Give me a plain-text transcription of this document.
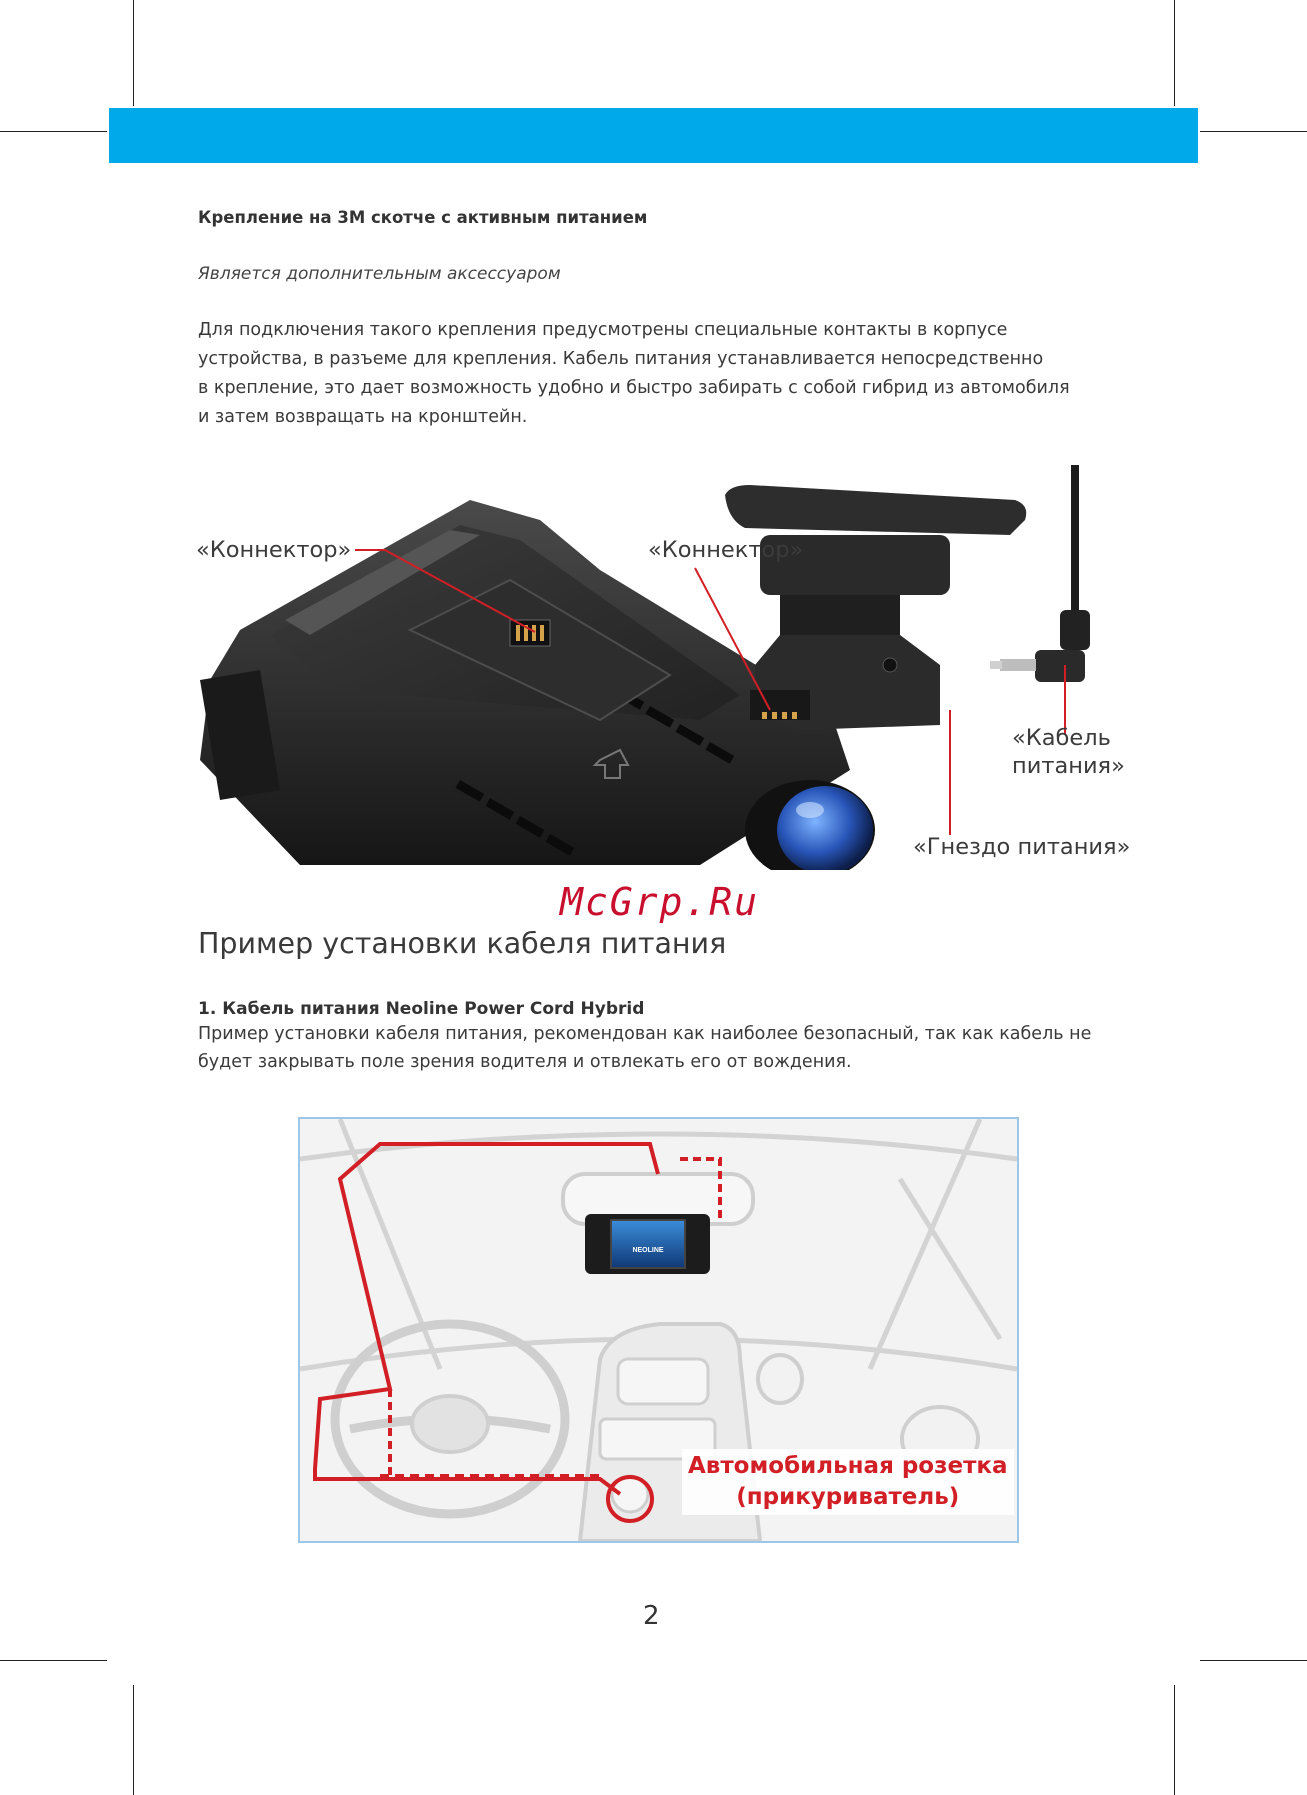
Крепление на 3M скотче с активным питанием
Является дополнительным аксессуаром
Для подключения такого крепления предусмотрены специальные контакты в корпусе
устройства, в разъеме для крепления. Кабель питания устанавливается непосредственно
в крепление, это дает возможность удобно и быстро забирать с собой гибрид из автомобиля
и затем возвращать на кронштейн.
«Коннектор»	«Коннектор»
«Кабель
питания»
«Гнездо питания»
McGrp.Ru
Пример установки кабеля питания
1. Кабель питания Neoline Power Cord Hybrid
Пример установки кабеля питания, рекомендован как наиболее безопасный, так как кабель не
будет закрывать поле зрения водителя и отвлекать его от вождения.
NEOLINE
Автомобильная розетка
(прикуриватель)
2
